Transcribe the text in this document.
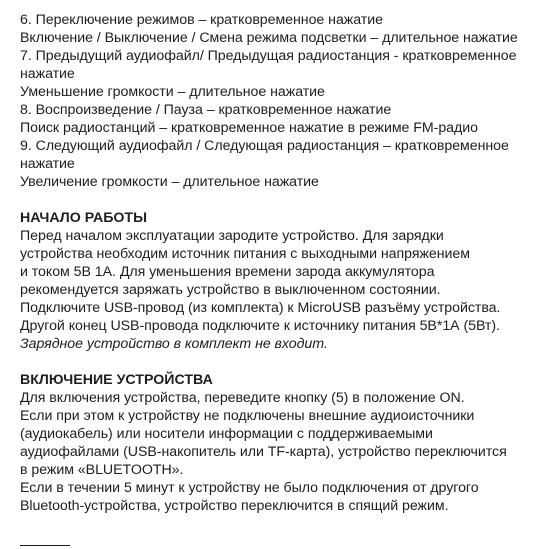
6. Переключение режимов – кратковременное нажатие
Включение / Выключение / Смена режима подсветки – длительное нажатие
7. Предыдущий аудиофайл/ Предыдущая радиостанция - кратковременное
нажатие
Уменьшение громкости – длительное нажатие
8. Воспроизведение / Пауза – кратковременное нажатие
Поиск радиостанций – кратковременное нажатие в режиме FM-радио
9. Следующий аудиофайл / Следующая радиостанция – кратковременное
нажатие
Увеличение громкости – длительное нажатие
НАЧАЛО РАБОТЫ
Перед началом эксплуатации зародите устройство. Для зарядки
устройства необходим источник питания с выходными напряжением
и током 5В 1А. Для уменьшения времени зарода аккумулятора
рекомендуется заряжать устройство в выключенном состоянии.
Подключите USB-провод (из комплекта) к MicroUSB разъёму устройства.
Другой конец USB-провода подключите к источнику питания 5В*1А (5Вт).
Зарядное устройство в комплект не входит.
ВКЛЮЧЕНИЕ УСТРОЙСТВА
Для включения устройства, переведите кнопку (5) в положение ON.
Если при этом к устройству не подключены внешние аудиоисточники
(аудиокабель) или носители информации с поддерживаемыми
аудиофайлами (USB-накопитель или TF-карта), устройство переключится
в режим «BLUETOOTH».
Если в течении 5 минут к устройству не было подключения от другого
Bluetooth-устройства, устройство переключится в спящий режим.
